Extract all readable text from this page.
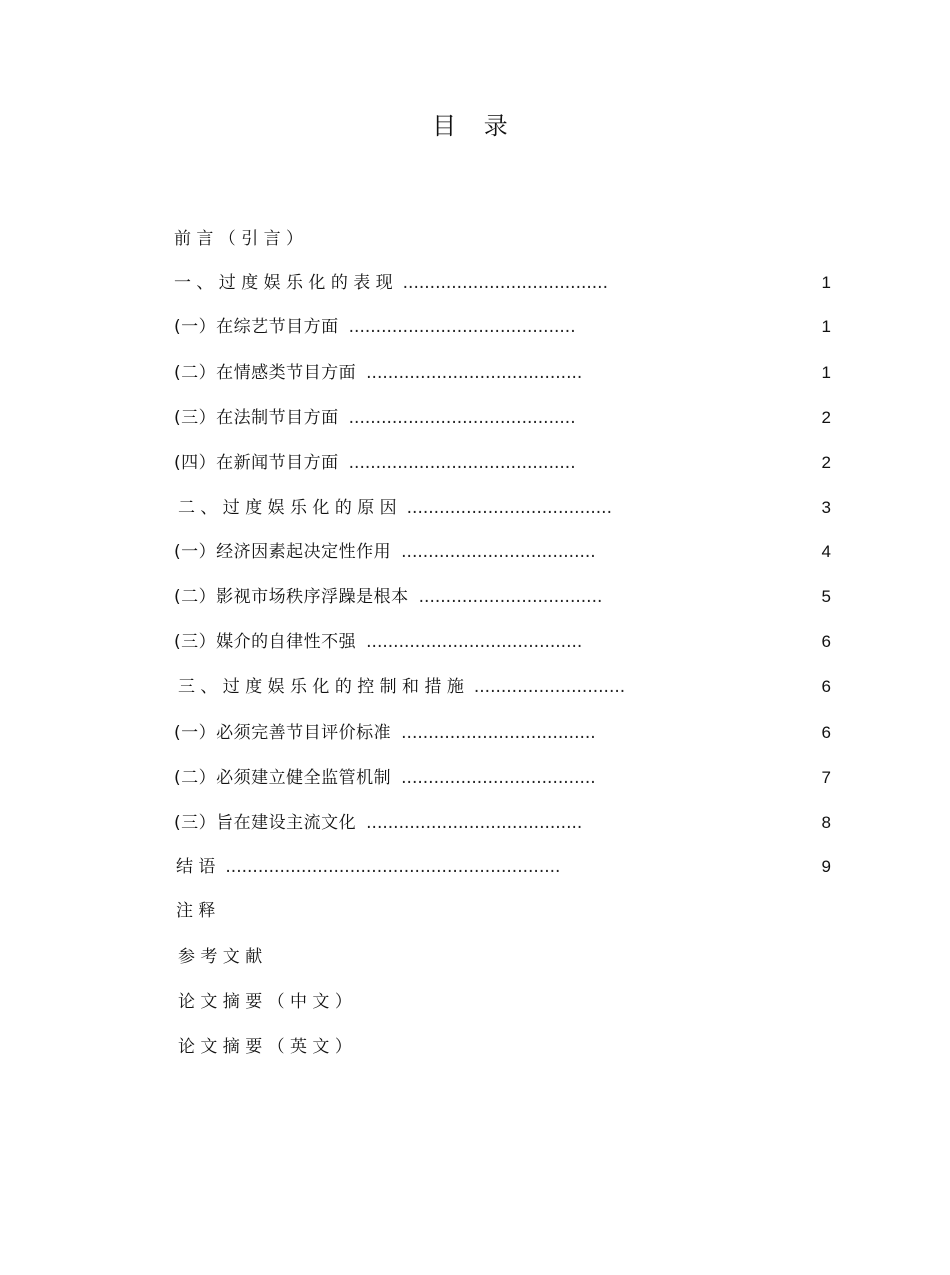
目 录
前 言 （ 引 言 ）
一 、 过 度 娱 乐 化 的 表 现 ......................................	1
(一）在综艺节目方面 ..........................................	1
(二）在情感类节目方面 ........................................	1
(三）在法制节目方面 ..........................................	2
(四）在新闻节目方面 ..........................................	2
二 、 过 度 娱 乐 化 的 原 因 ......................................	3
(一）经济因素起决定性作用 ....................................	4
(二）影视市场秩序浮躁是根本 ..................................	5
(三）媒介的自律性不强 ........................................	6
三 、 过 度 娱 乐 化 的 控 制 和 措 施 ............................	6
(一）必须完善节目评价标准 ....................................	6
(二）必须建立健全监管机制 ....................................	7
(三）旨在建设主流文化 ........................................	8
结 语 ..............................................................	9
注 释
参 考 文 献
论 文 摘 要 （ 中 文 ）
论 文 摘 要 （ 英 文 ）
